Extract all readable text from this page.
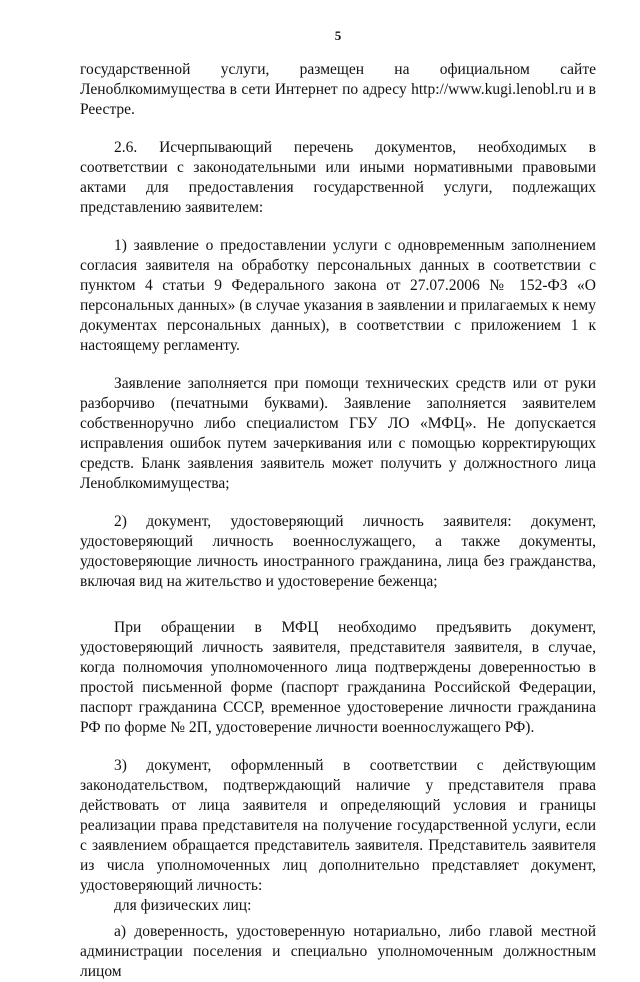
5

государственной услуги, размещен на официальном сайте Леноблкомимущества в сети Интернет по адресу http://www.kugi.lenobl.ru и в Реестре.

2.6. Исчерпывающий перечень документов, необходимых в соответствии с законодательными или иными нормативными правовыми актами для предоставления государственной услуги, подлежащих представлению заявителем:

1) заявление о предоставлении услуги с одновременным заполнением согласия заявителя на обработку персональных данных в соответствии с пунктом 4 статьи 9 Федерального закона от 27.07.2006 № 152-ФЗ «О персональных данных» (в случае указания в заявлении и прилагаемых к нему документах персональных данных), в соответствии с приложением 1 к настоящему регламенту.

Заявление заполняется при помощи технических средств или от руки разборчиво (печатными буквами). Заявление заполняется заявителем собственноручно либо специалистом ГБУ ЛО «МФЦ». Не допускается исправления ошибок путем зачеркивания или с помощью корректирующих средств. Бланк заявления заявитель может получить у должностного лица Леноблкомимущества;

2) документ, удостоверяющий личность заявителя: документ, удостоверяющий личность военнослужащего, а также документы, удостоверяющие личность иностранного гражданина, лица без гражданства, включая вид на жительство и удостоверение беженца;

При обращении в МФЦ необходимо предъявить документ, удостоверяющий личность заявителя, представителя заявителя, в случае, когда полномочия уполномоченного лица подтверждены доверенностью в простой письменной форме (паспорт гражданина Российской Федерации, паспорт гражданина СССР, временное удостоверение личности гражданина РФ по форме № 2П, удостоверение личности военнослужащего РФ).

3) документ, оформленный в соответствии с действующим законодательством, подтверждающий наличие у представителя права действовать от лица заявителя и определяющий условия и границы реализации права представителя на получение государственной услуги, если с заявлением обращается представитель заявителя. Представитель заявителя из числа уполномоченных лиц дополнительно представляет документ, удостоверяющий личность:

для физических лиц:

а) доверенность, удостоверенную нотариально, либо главой местной администрации поселения и специально уполномоченным должностным лицом
